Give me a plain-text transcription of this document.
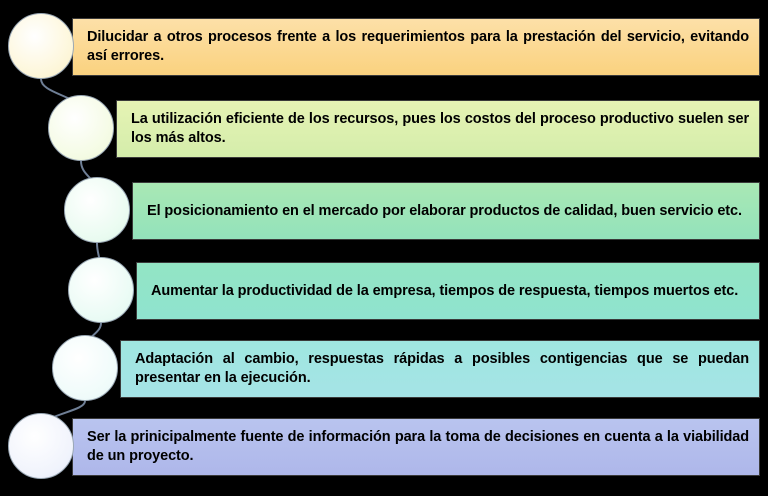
Dilucidar a otros procesos frente a los requerimientos para la prestación del servicio, evitando así errores.
La utilización eficiente de los recursos, pues los costos del proceso productivo suelen ser los más altos.
El posicionamiento en el mercado por elaborar productos de calidad, buen servicio etc.
Aumentar la productividad de la empresa, tiempos de respuesta, tiempos muertos etc.
Adaptación al cambio, respuestas rápidas a posibles contigencias que se puedan presentar en la ejecución.
Ser la prinicipalmente fuente de información para la toma de decisiones en cuenta a la viabilidad de un proyecto.
